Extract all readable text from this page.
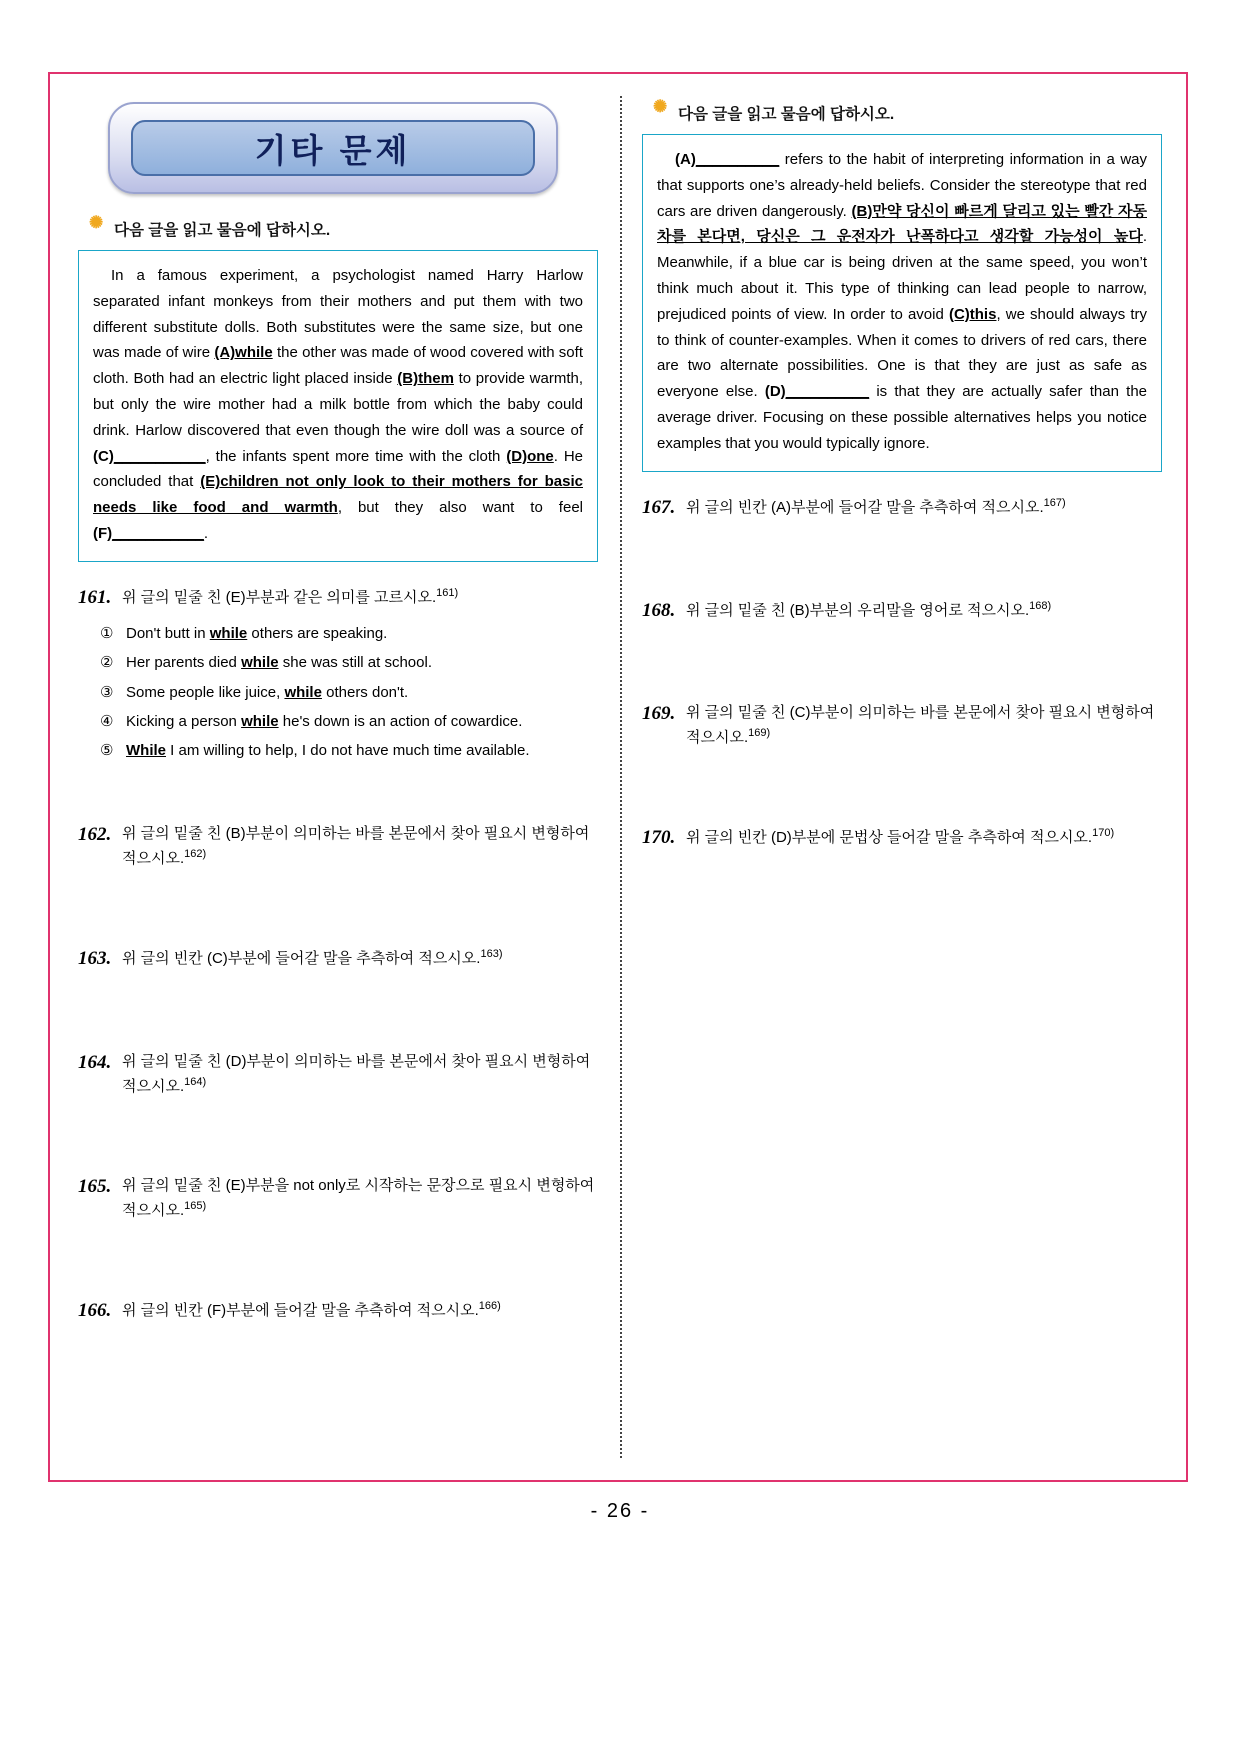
기타 문제
✺
다음 글을 읽고 물음에 답하시오.
In a famous experiment, a psychologist named Harry Harlow separated infant monkeys from their mothers and put them with two different substitute dolls. Both substitutes were the same size, but one was made of wire (A)while the other was made of wood covered with soft cloth. Both had an electric light placed inside (B)them to provide warmth, but only the wire mother had a milk bottle from which the baby could drink. Harlow discovered that even though the wire doll was a source of (C)___________, the infants spent more time with the cloth (D)one. He concluded that (E)children not only look to their mothers for basic needs like food and warmth, but they also want to feel (F)___________.
161. 위 글의 밑줄 친 (E)부분과 같은 의미를 고르시오.$^{161)}$
① Don't butt in while others are speaking.
② Her parents died while she was still at school.
③ Some people like juice, while others don't.
④ Kicking a person while he's down is an action of cowardice.
⑤ While I am willing to help, I do not have much time available.
162. 위 글의 밑줄 친 (B)부분이 의미하는 바를 본문에서 찾아 필요시 변형하여 적으시오.$^{162)}$
163. 위 글의 빈칸 (C)부분에 들어갈 말을 추측하여 적으시오.$^{163)}$
164. 위 글의 밑줄 친 (D)부분이 의미하는 바를 본문에서 찾아 필요시 변형하여 적으시오.$^{164)}$
165. 위 글의 밑줄 친 (E)부분을 not only로 시작하는 문장으로 필요시 변형하여 적으시오.$^{165)}$
166. 위 글의 빈칸 (F)부분에 들어갈 말을 추측하여 적으시오.$^{166)}$
✺
다음 글을 읽고 물음에 답하시오.
(A)__________ refers to the habit of interpreting information in a way that supports one’s already-held beliefs. Consider the stereotype that red cars are driven dangerously. (B)만약 당신이 빠르게 달리고 있는 빨간 자동차를 본다면, 당신은 그 운전자가 난폭하다고 생각할 가능성이 높다. Meanwhile, if a blue car is being driven at the same speed, you won’t think much about it. This type of thinking can lead people to narrow, prejudiced points of view. In order to avoid (C)this, we should always try to think of counter-examples. When it comes to drivers of red cars, there are two alternate possibilities. One is that they are just as safe as everyone else. (D)__________ is that they are actually safer than the average driver. Focusing on these possible alternatives helps you notice examples that you would typically ignore.
167. 위 글의 빈칸 (A)부분에 들어갈 말을 추측하여 적으시오.$^{167)}$
168. 위 글의 밑줄 친 (B)부분의 우리말을 영어로 적으시오.$^{168)}$
169. 위 글의 밑줄 친 (C)부분이 의미하는 바를 본문에서 찾아 필요시 변형하여 적으시오.$^{169)}$
170. 위 글의 빈칸 (D)부분에 문법상 들어갈 말을 추측하여 적으시오.$^{170)}$
- 26 -
